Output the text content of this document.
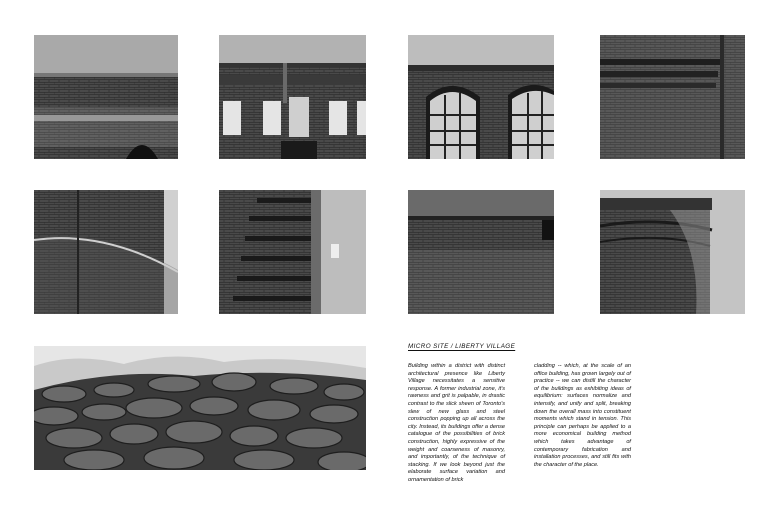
MICRO SITE / LIBERTY VILLAGE
Building within a district with distinct architectural presence like Liberty Village necessitates a sensitive response. A former industrial zone, it's rawness and grit is palpable, in drastic contrast to the slick sheen of Toronto's slew of new glass and steel construction popping up all across the city. Instead, its buildings offer a dense catalogue of the possibilities of brick construction, highly expressive of the weight and coarseness of masonry, and importantly, of the technique of stacking. If we look beyond just the elaborate surface variation and ornamentation of brick
cladding -- which, at the scale of an office building, has grown largely out of practice -- we can distill the character of the buildings as exhibiting ideas of equilibrium: surfaces normalize and intensify, and unify and split, breaking down the overall mass into constituent moments which stand in tension. This principle can perhaps be applied to a more economical building method which takes advantage of contemporary fabrication and installation processes, and still fits with the character of the place.
